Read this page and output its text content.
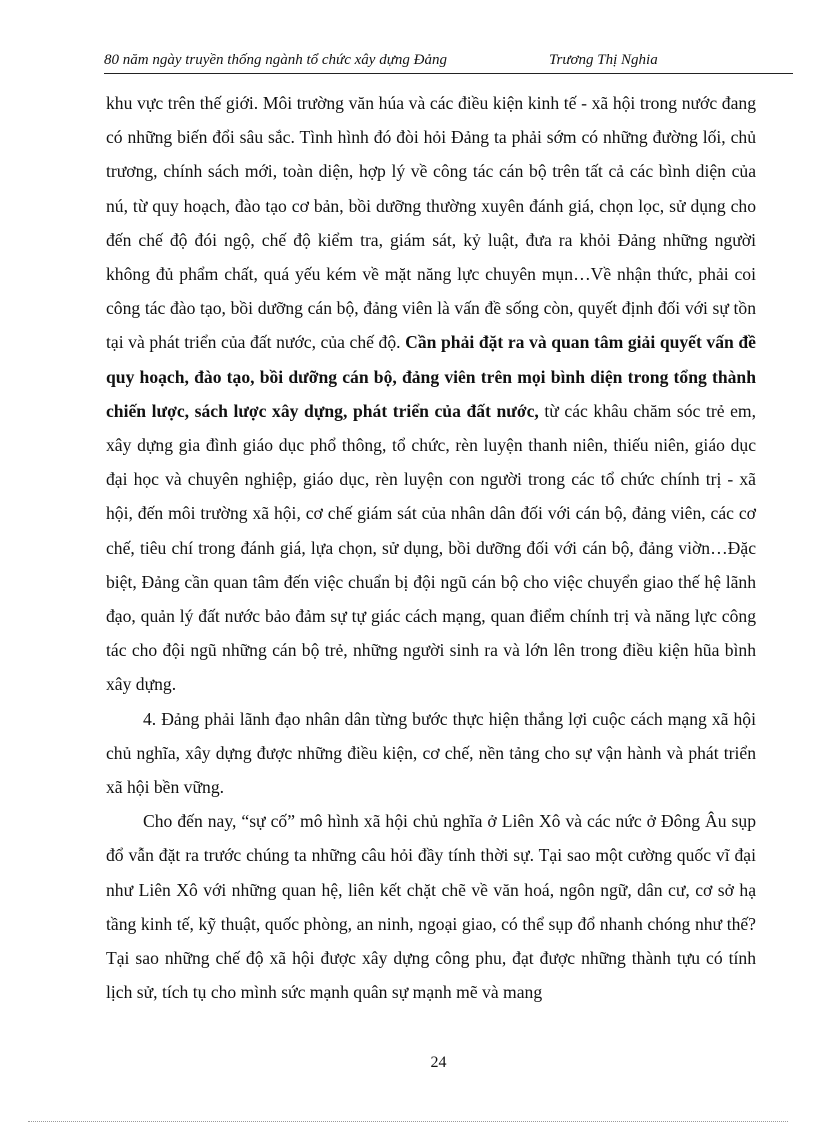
80 năm ngày truyền thống ngành tổ chức xây dựng Đảng	Trương Thị Nghia

khu vực trên thế giới. Môi trường văn húa và các điều kiện kinh tế - xã hội trong nước đang có những biến đổi sâu sắc. Tình hình đó đòi hỏi Đảng ta phải sớm có những đường lối, chủ trương, chính sách mới, toàn diện, hợp lý về công tác cán bộ trên tất cả các bình diện của nú, từ quy hoạch, đào tạo cơ bản, bồi dưỡng thường xuyên đánh giá, chọn lọc, sử dụng cho đến chế độ đói ngộ, chế độ kiểm tra, giám sát, kỷ luật, đưa ra khỏi Đảng những người không đủ phẩm chất, quá yếu kém về mặt năng lực chuyên mụn…Về nhận thức, phải coi công tác đào tạo, bồi dưỡng cán bộ, đảng viên là vấn đề sống còn, quyết định đối với sự tồn tại và phát triển của đất nước, của chế độ. Cần phải đặt ra và quan tâm giải quyết vấn đề quy hoạch, đào tạo, bồi dưỡng cán bộ, đảng viên trên mọi bình diện trong tổng thành chiến lược, sách lược xây dựng, phát triển của đất nước, từ các khâu chăm sóc trẻ em, xây dựng gia đình giáo dục phổ thông, tổ chức, rèn luyện thanh niên, thiếu niên, giáo dục đại học và chuyên nghiệp, giáo dục, rèn luyện con người trong các tổ chức chính trị - xã hội, đến môi trường xã hội, cơ chế giám sát của nhân dân đối với cán bộ, đảng viên, các cơ chế, tiêu chí trong đánh giá, lựa chọn, sử dụng, bồi dưỡng đối với cán bộ, đảng viờn…Đặc biệt, Đảng cần quan tâm đến việc chuẩn bị đội ngũ cán bộ cho việc chuyển giao thế hệ lãnh đạo, quản lý đất nước bảo đảm sự tự giác cách mạng, quan điểm chính trị và năng lực công tác cho đội ngũ những cán bộ trẻ, những người sinh ra và lớn lên trong điều kiện hũa bình xây dựng.

4. Đảng phải lãnh đạo nhân dân từng bước thực hiện thắng lợi cuộc cách mạng xã hội chủ nghĩa, xây dựng được những điều kiện, cơ chế, nền tảng cho sự vận hành và phát triển xã hội bền vững.

Cho đến nay, “sự cố” mô hình xã hội chủ nghĩa ở Liên Xô và các nức ở Đông Âu sụp đổ vẫn đặt ra trước chúng ta những câu hỏi đầy tính thời sự. Tại sao một cường quốc vĩ đại như Liên Xô với những quan hệ, liên kết chặt chẽ về văn hoá, ngôn ngữ, dân cư, cơ sở hạ tầng kinh tế, kỹ thuật, quốc phòng, an ninh, ngoại giao, có thể sụp đổ nhanh chóng như thế? Tại sao những chế độ xã hội được xây dựng công phu, đạt được những thành tựu có tính lịch sử, tích tụ cho mình sức mạnh quân sự mạnh mẽ và mang

24
